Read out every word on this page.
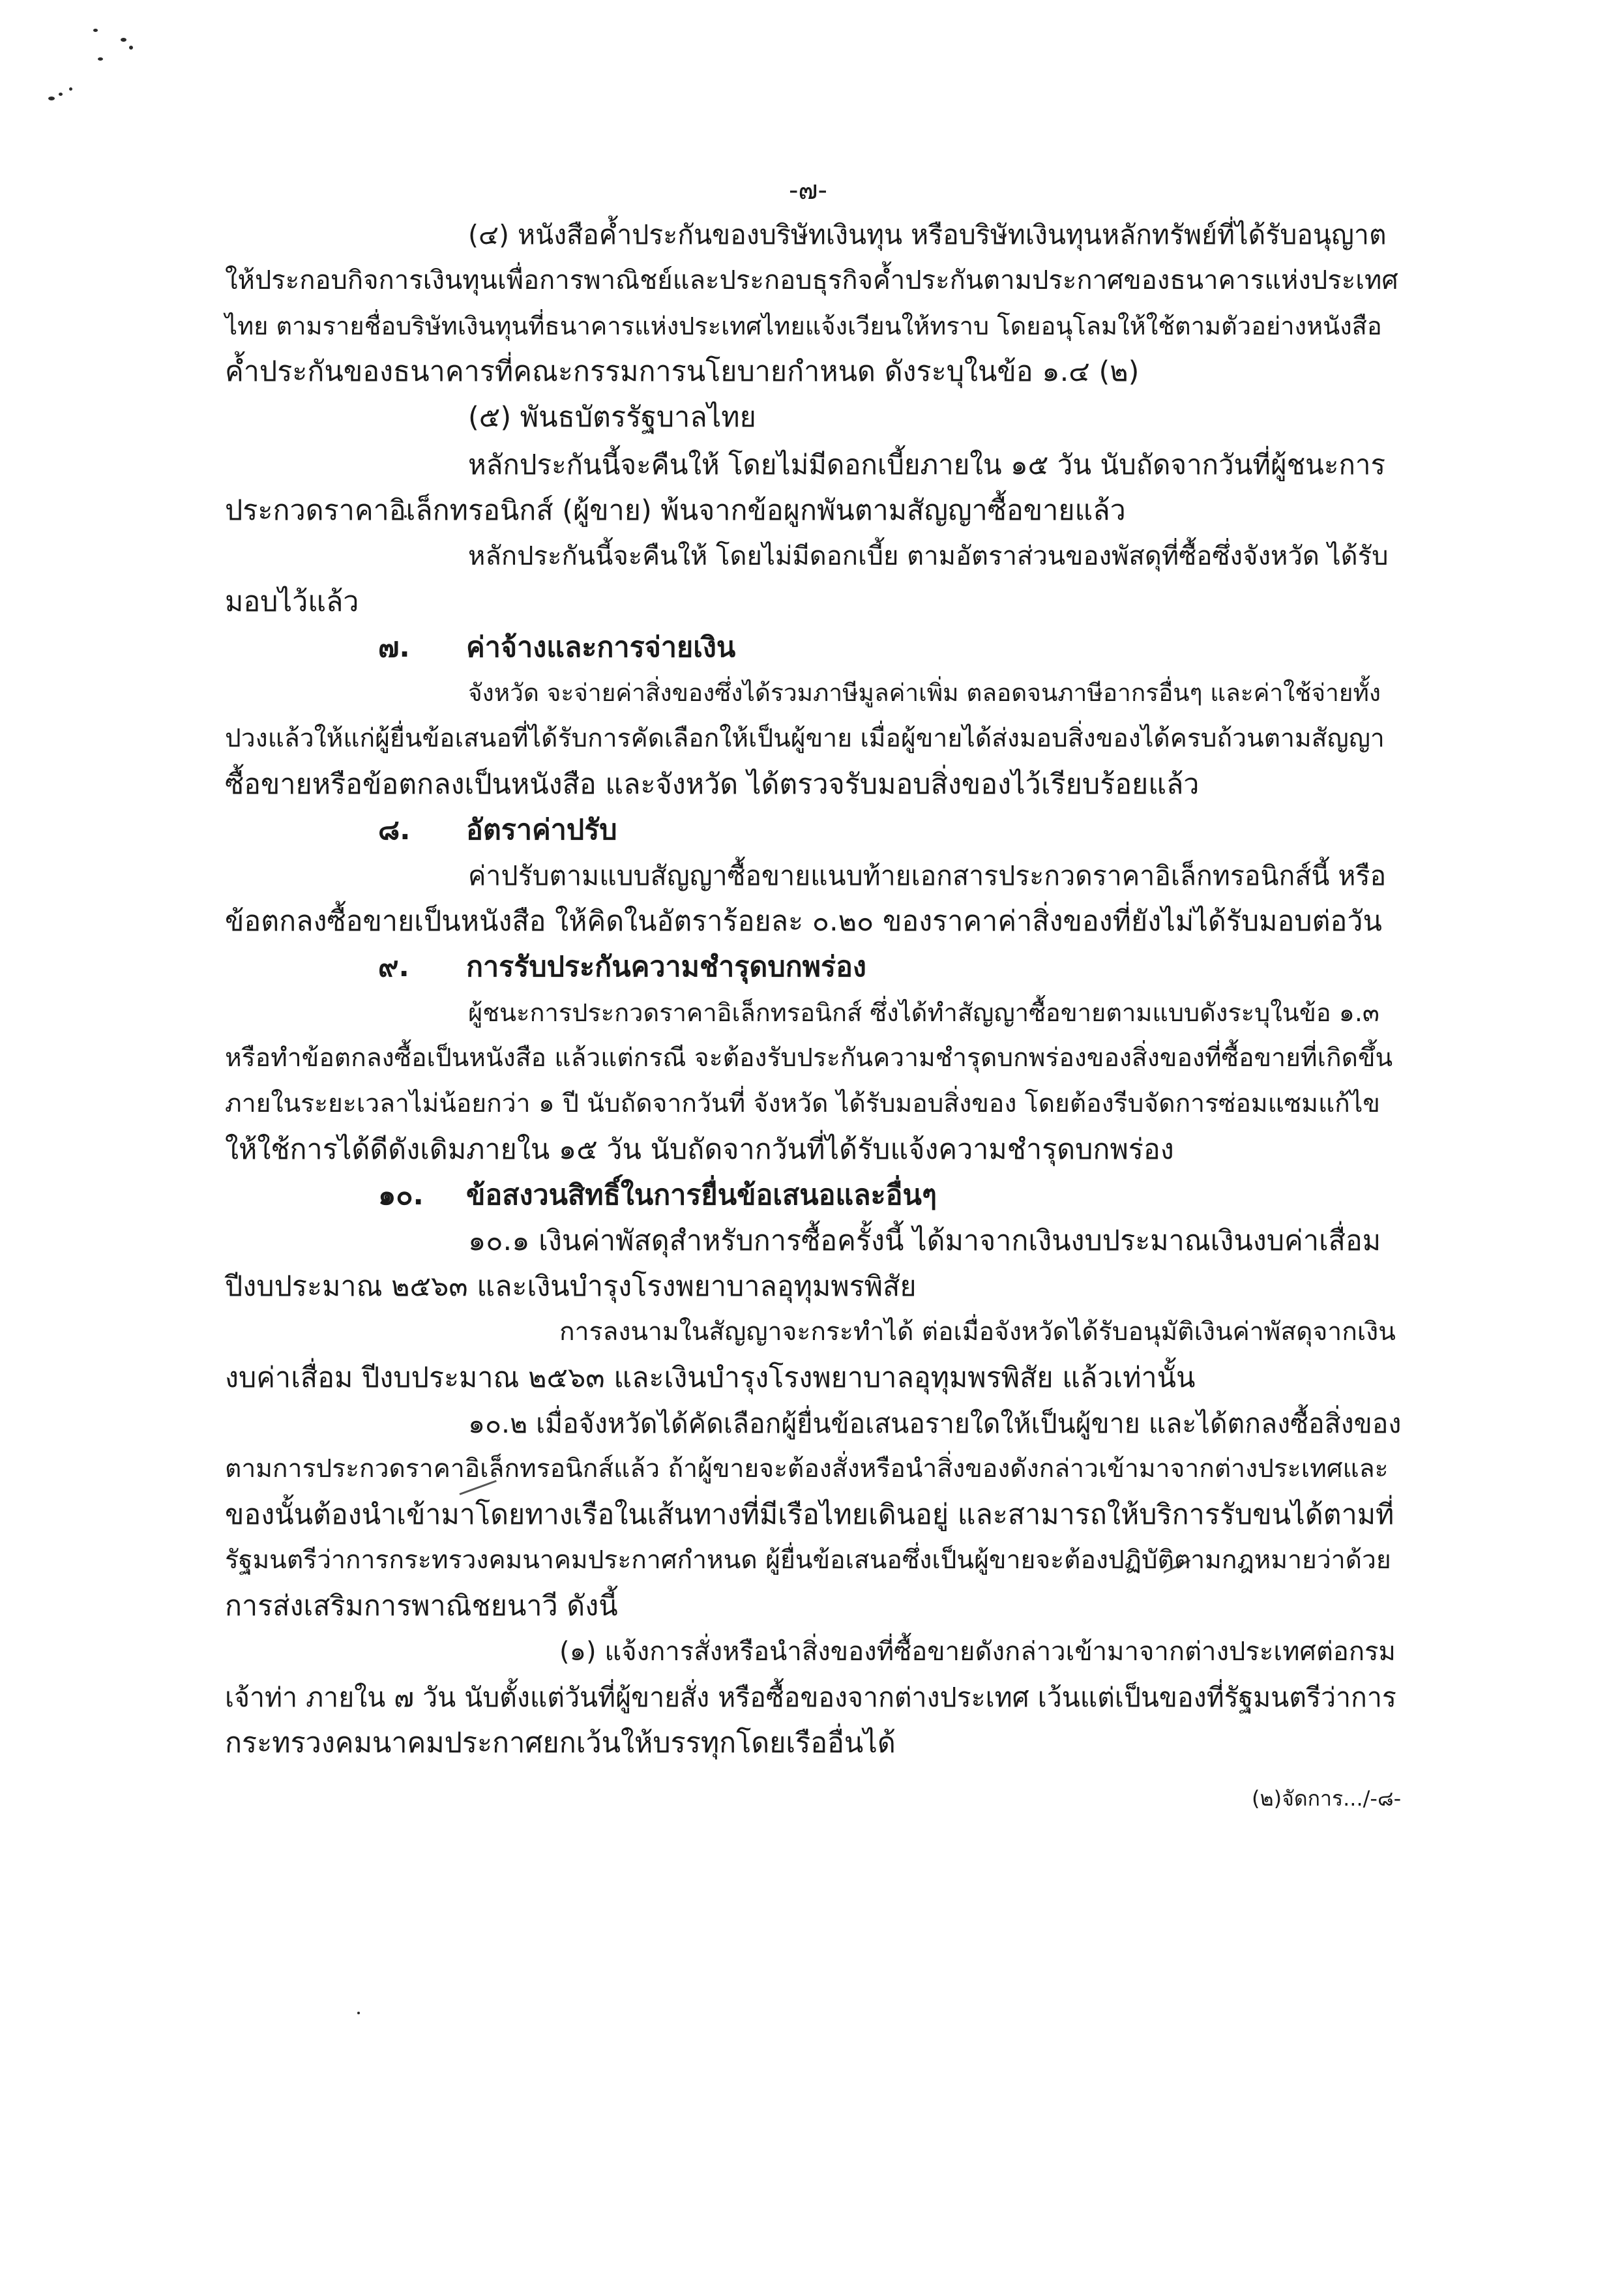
-๗-

(๔) หนังสือค้ำประกันของบริษัทเงินทุน หรือบริษัทเงินทุนหลักทรัพย์ที่ได้รับอนุญาต

ให้ประกอบกิจการเงินทุนเพื่อการพาณิชย์และประกอบธุรกิจค้ำประกันตามประกาศของธนาคารแห่งประเทศ

ไทย ตามรายชื่อบริษัทเงินทุนที่ธนาคารแห่งประเทศไทยแจ้งเวียนให้ทราบ โดยอนุโลมให้ใช้ตามตัวอย่างหนังสือ

ค้ำประกันของธนาคารที่คณะกรรมการนโยบายกำหนด ดังระบุในข้อ ๑.๔ (๒)

(๕) พันธบัตรรัฐบาลไทย

หลักประกันนี้จะคืนให้ โดยไม่มีดอกเบี้ยภายใน ๑๕ วัน นับถัดจากวันที่ผู้ชนะการ

ประกวดราคาอิเล็กทรอนิกส์ (ผู้ขาย) พ้นจากข้อผูกพันตามสัญญาซื้อขายแล้ว

หลักประกันนี้จะคืนให้ โดยไม่มีดอกเบี้ย ตามอัตราส่วนของพัสดุที่ซื้อซึ่งจังหวัด ได้รับ

มอบไว้แล้ว

๗. ค่าจ้างและการจ่ายเงิน

จังหวัด จะจ่ายค่าสิ่งของซึ่งได้รวมภาษีมูลค่าเพิ่ม ตลอดจนภาษีอากรอื่นๆ และค่าใช้จ่ายทั้ง

ปวงแล้วให้แก่ผู้ยื่นข้อเสนอที่ได้รับการคัดเลือกให้เป็นผู้ขาย เมื่อผู้ขายได้ส่งมอบสิ่งของได้ครบถ้วนตามสัญญา

ซื้อขายหรือข้อตกลงเป็นหนังสือ และจังหวัด ได้ตรวจรับมอบสิ่งของไว้เรียบร้อยแล้ว

๘. อัตราค่าปรับ

ค่าปรับตามแบบสัญญาซื้อขายแนบท้ายเอกสารประกวดราคาอิเล็กทรอนิกส์นี้ หรือ

ข้อตกลงซื้อขายเป็นหนังสือ ให้คิดในอัตราร้อยละ ๐.๒๐ ของราคาค่าสิ่งของที่ยังไม่ได้รับมอบต่อวัน

๙. การรับประกันความชำรุดบกพร่อง

ผู้ชนะการประกวดราคาอิเล็กทรอนิกส์ ซึ่งได้ทำสัญญาซื้อขายตามแบบดังระบุในข้อ ๑.๓

หรือทำข้อตกลงซื้อเป็นหนังสือ แล้วแต่กรณี จะต้องรับประกันความชำรุดบกพร่องของสิ่งของที่ซื้อขายที่เกิดขึ้น

ภายในระยะเวลาไม่น้อยกว่า ๑ ปี นับถัดจากวันที่ จังหวัด ได้รับมอบสิ่งของ โดยต้องรีบจัดการซ่อมแซมแก้ไข

ให้ใช้การได้ดีดังเดิมภายใน ๑๕ วัน นับถัดจากวันที่ได้รับแจ้งความชำรุดบกพร่อง

๑๐. ข้อสงวนสิทธิ์ในการยื่นข้อเสนอและอื่นๆ

๑๐.๑ เงินค่าพัสดุสำหรับการซื้อครั้งนี้ ได้มาจากเงินงบประมาณเงินงบค่าเสื่อม

ปีงบประมาณ ๒๕๖๓ และเงินบำรุงโรงพยาบาลอุทุมพรพิสัย

การลงนามในสัญญาจะกระทำได้ ต่อเมื่อจังหวัดได้รับอนุมัติเงินค่าพัสดุจากเงิน

งบค่าเสื่อม ปีงบประมาณ ๒๕๖๓ และเงินบำรุงโรงพยาบาลอุทุมพรพิสัย แล้วเท่านั้น

๑๐.๒ เมื่อจังหวัดได้คัดเลือกผู้ยื่นข้อเสนอรายใดให้เป็นผู้ขาย และได้ตกลงซื้อสิ่งของ

ตามการประกวดราคาอิเล็กทรอนิกส์แล้ว ถ้าผู้ขายจะต้องสั่งหรือนำสิ่งของดังกล่าวเข้ามาจากต่างประเทศและ

ของนั้นต้องนำเข้ามาโดยทางเรือในเส้นทางที่มีเรือไทยเดินอยู่ และสามารถให้บริการรับขนได้ตามที่

รัฐมนตรีว่าการกระทรวงคมนาคมประกาศกำหนด ผู้ยื่นข้อเสนอซึ่งเป็นผู้ขายจะต้องปฏิบัติตามกฎหมายว่าด้วย

การส่งเสริมการพาณิชยนาวี ดังนี้

(๑) แจ้งการสั่งหรือนำสิ่งของที่ซื้อขายดังกล่าวเข้ามาจากต่างประเทศต่อกรม

เจ้าท่า ภายใน ๗ วัน นับตั้งแต่วันที่ผู้ขายสั่ง หรือซื้อของจากต่างประเทศ เว้นแต่เป็นของที่รัฐมนตรีว่าการ

กระทรวงคมนาคมประกาศยกเว้นให้บรรทุกโดยเรืออื่นได้

(๒)จัดการ.../-๘-
